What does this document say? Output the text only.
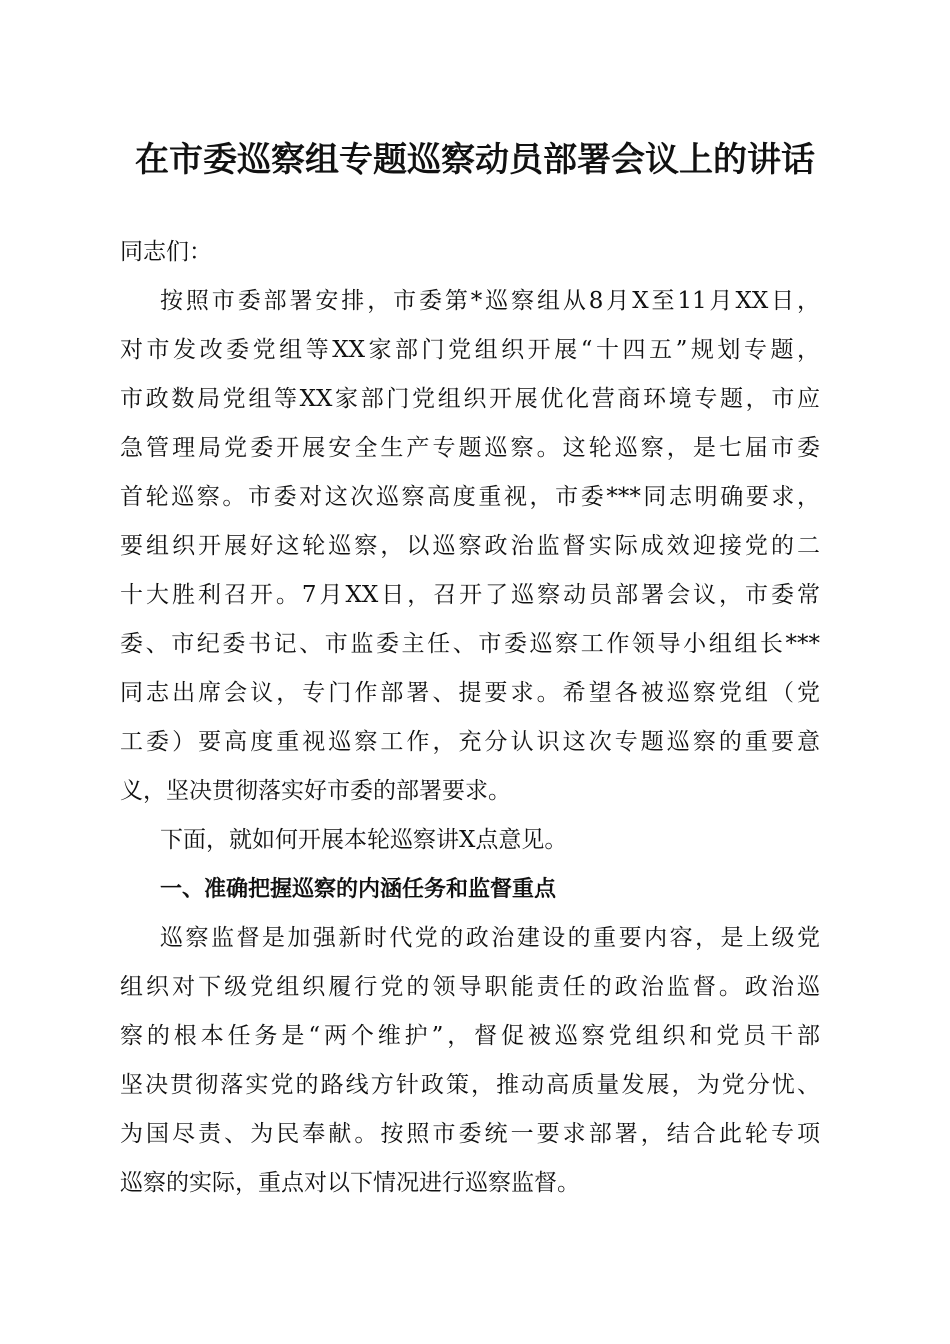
在市委巡察组专题巡察动员部署会议上的讲话
同志们：
按照市委部署安排，市委第*巡察组从8月X至11月XX日，
对市发改委党组等XX家部门党组织开展“十四五”规划专题，
市政数局党组等XX家部门党组织开展优化营商环境专题，市应
急管理局党委开展安全生产专题巡察。这轮巡察，是七届市委
首轮巡察。市委对这次巡察高度重视，市委***同志明确要求，
要组织开展好这轮巡察，以巡察政治监督实际成效迎接党的二
十大胜利召开。7月XX日，召开了巡察动员部署会议，市委常
委、市纪委书记、市监委主任、市委巡察工作领导小组组长***
同志出席会议，专门作部署、提要求。希望各被巡察党组（党
工委）要高度重视巡察工作，充分认识这次专题巡察的重要意
义，坚决贯彻落实好市委的部署要求。
下面，就如何开展本轮巡察讲X点意见。
一、准确把握巡察的内涵任务和监督重点
巡察监督是加强新时代党的政治建设的重要内容，是上级党
组织对下级党组织履行党的领导职能责任的政治监督。政治巡
察的根本任务是“两个维护”，督促被巡察党组织和党员干部
坚决贯彻落实党的路线方针政策，推动高质量发展，为党分忧、
为国尽责、为民奉献。按照市委统一要求部署，结合此轮专项
巡察的实际，重点对以下情况进行巡察监督。
